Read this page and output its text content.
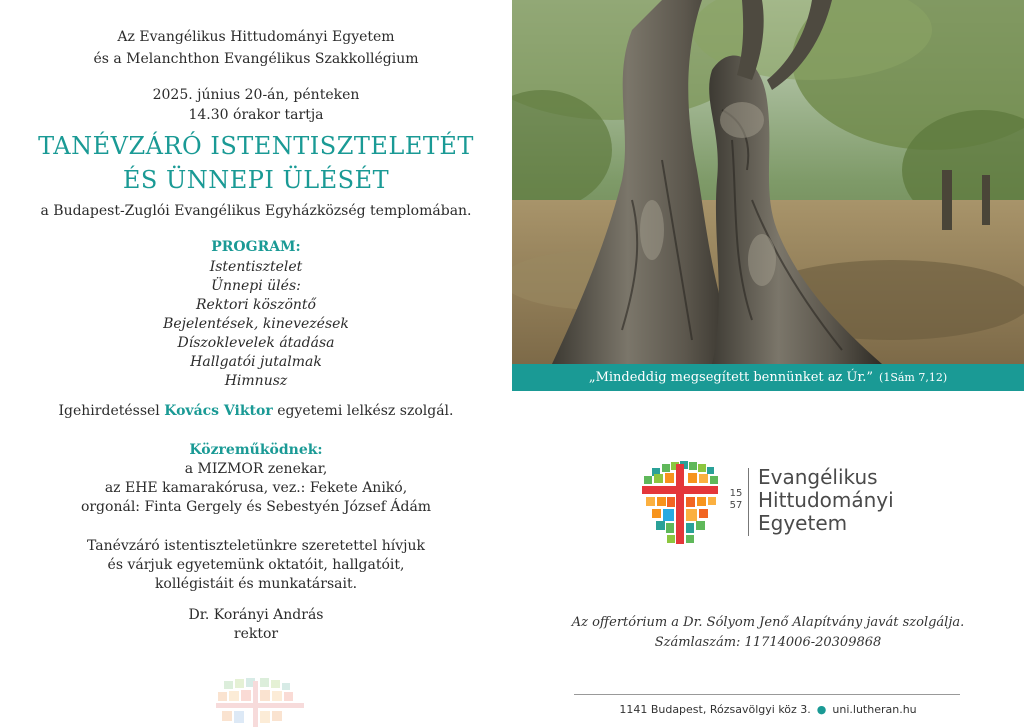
Az Evangélikus Hittudományi Egyetem
és a Melanchthon Evangélikus Szakkollégium
2025. június 20-án, pénteken
14.30 órakor tartja
TANÉVZÁRÓ ISTENTISZTELETÉT
ÉS ÜNNEPI ÜLÉSÉT
a Budapest-Zuglói Evangélikus Egyházközség templomában.
PROGRAM:
Istentisztelet
Ünnepi ülés:
Rektori köszöntő
Bejelentések, kinevezések
Díszoklevelek átadása
Hallgatói jutalmak
Himnusz
Igehirdetéssel Kovács Viktor egyetemi lelkész szolgál.
Közreműködnek:
a MIZMOR zenekar,
az EHE kamarakórusa, vez.: Fekete Anikó,
orgonál: Finta Gergely és Sebestyén József Ádám
Tanévzáró istentiszteletünkre szeretettel hívjuk
és várjuk egyetemünk oktatóit, hallgatóit,
kollégistáit és munkatársait.
Dr. Korányi András
rektor
„Mindeddig megsegített bennünket az Úr.” (1Sám 7,12)
15
57
Evangélikus
Hittudományi
Egyetem
Az offertórium a Dr. Sólyom Jenő Alapítvány javát szolgálja.
Számlaszám: 11714006-20309868
1141 Budapest, Rózsavölgyi köz 3. ● uni.lutheran.hu
